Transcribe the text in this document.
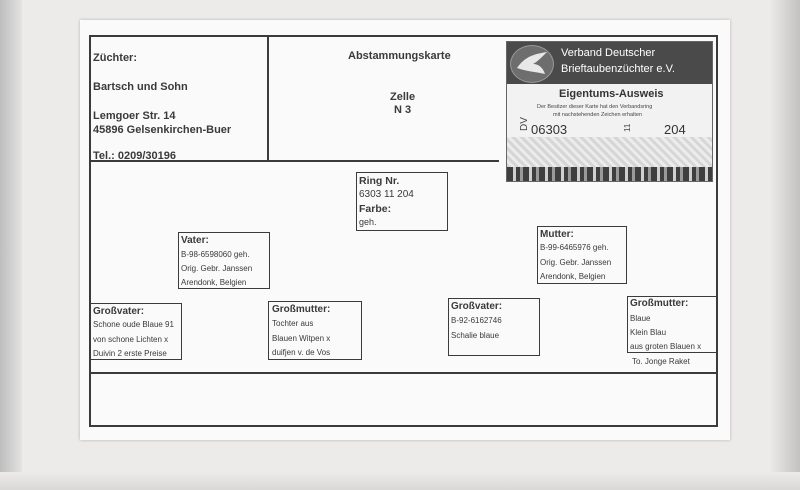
Züchter:
Bartsch und Sohn
Lemgoer Str. 14
45896 Gelsenkirchen-Buer
Tel.: 0209/30196
Abstammungskarte
Zelle
N 3
Verband Deutscher
Brieftaubenzüchter e.V.
Eigentums-Ausweis
Der Besitzer dieser Karte hat den Verbandsring
mit nachstehenden Zeichen erhalten
DV 06303	11 204
Ring Nr.
6303 11 204
Farbe:
geh.
Vater:
B-98-6598060 geh.
Orig. Gebr. Janssen
Arendonk, Belgien
Mutter:
B-99-6465976 geh.
Orig. Gebr. Janssen
Arendonk, Belgien
Großvater:
Schone oude Blaue 91
von schone Lichten x
Duivin 2 erste Preise
Großmutter:
Tochter aus
Blauen Witpen x
duifjen v. de Vos
Großvater:
B-92-6162746
Schalie blaue
Großmutter:
Blaue
Klein Blau
aus groten Blauen x
To. Jonge Raket
